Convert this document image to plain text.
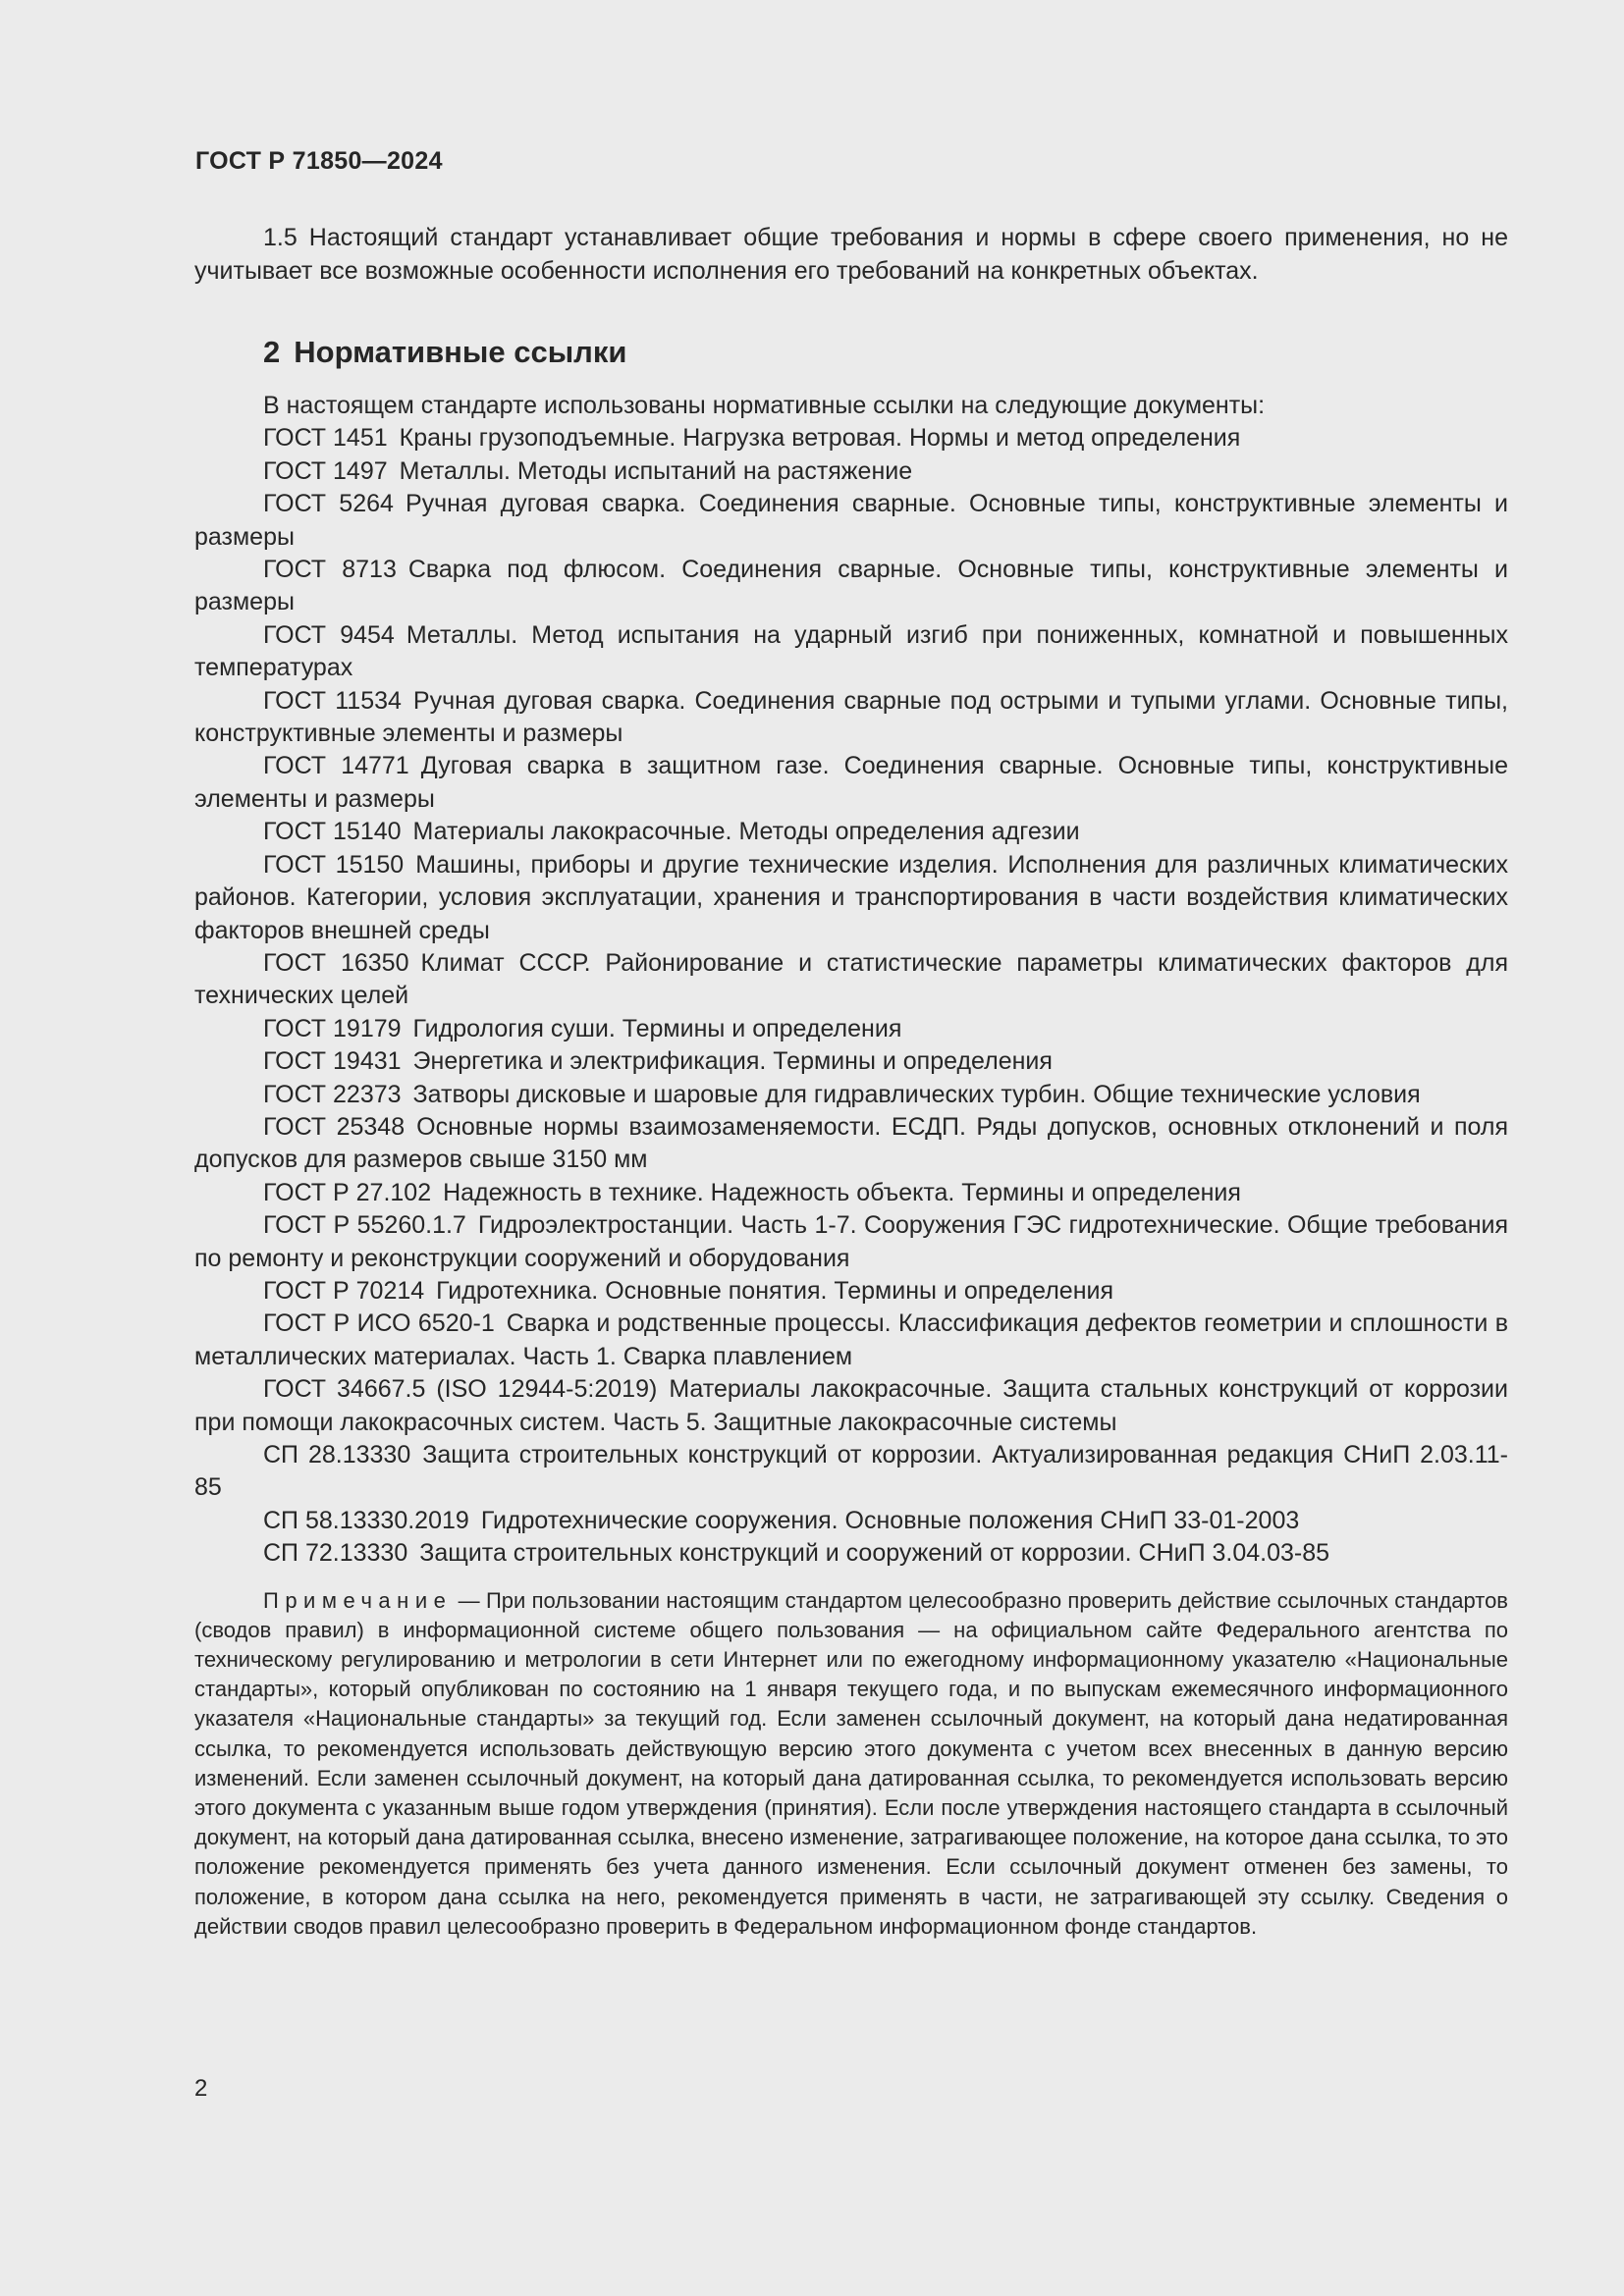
ГОСТ Р 71850—2024

1.5 Настоящий стандарт устанавливает общие требования и нормы в сфере своего применения, но не учитывает все возможные особенности исполнения его требований на конкретных объектах.

2 Нормативные ссылки

В настоящем стандарте использованы нормативные ссылки на следующие документы:

ГОСТ 1451 Краны грузоподъемные. Нагрузка ветровая. Нормы и метод определения

ГОСТ 1497 Металлы. Методы испытаний на растяжение

ГОСТ 5264 Ручная дуговая сварка. Соединения сварные. Основные типы, конструктивные элементы и размеры

ГОСТ 8713 Сварка под флюсом. Соединения сварные. Основные типы, конструктивные элементы и размеры

ГОСТ 9454 Металлы. Метод испытания на ударный изгиб при пониженных, комнатной и повышенных температурах

ГОСТ 11534 Ручная дуговая сварка. Соединения сварные под острыми и тупыми углами. Основные типы, конструктивные элементы и размеры

ГОСТ 14771 Дуговая сварка в защитном газе. Соединения сварные. Основные типы, конструктивные элементы и размеры

ГОСТ 15140 Материалы лакокрасочные. Методы определения адгезии

ГОСТ 15150 Машины, приборы и другие технические изделия. Исполнения для различных климатических районов. Категории, условия эксплуатации, хранения и транспортирования в части воздействия климатических факторов внешней среды

ГОСТ 16350 Климат СССР. Районирование и статистические параметры климатических факторов для технических целей

ГОСТ 19179 Гидрология суши. Термины и определения

ГОСТ 19431 Энергетика и электрификация. Термины и определения

ГОСТ 22373 Затворы дисковые и шаровые для гидравлических турбин. Общие технические условия

ГОСТ 25348 Основные нормы взаимозаменяемости. ЕСДП. Ряды допусков, основных отклонений и поля допусков для размеров свыше 3150 мм

ГОСТ Р 27.102 Надежность в технике. Надежность объекта. Термины и определения

ГОСТ Р 55260.1.7 Гидроэлектростанции. Часть 1-7. Сооружения ГЭС гидротехнические. Общие требования по ремонту и реконструкции сооружений и оборудования

ГОСТ Р 70214 Гидротехника. Основные понятия. Термины и определения

ГОСТ Р ИСО 6520-1 Сварка и родственные процессы. Классификация дефектов геометрии и сплошности в металлических материалах. Часть 1. Сварка плавлением

ГОСТ 34667.5 (ISO 12944-5:2019) Материалы лакокрасочные. Защита стальных конструкций от коррозии при помощи лакокрасочных систем. Часть 5. Защитные лакокрасочные системы

СП 28.13330 Защита строительных конструкций от коррозии. Актуализированная редакция СНиП 2.03.11-85

СП 58.13330.2019 Гидротехнические сооружения. Основные положения СНиП 33-01-2003

СП 72.13330 Защита строительных конструкций и сооружений от коррозии. СНиП 3.04.03-85

Примечание — При пользовании настоящим стандартом целесообразно проверить действие ссылочных стандартов (сводов правил) в информационной системе общего пользования — на официальном сайте Федерального агентства по техническому регулированию и метрологии в сети Интернет или по ежегодному информационному указателю «Национальные стандарты», который опубликован по состоянию на 1 января текущего года, и по выпускам ежемесячного информационного указателя «Национальные стандарты» за текущий год. Если заменен ссылочный документ, на который дана недатированная ссылка, то рекомендуется использовать действующую версию этого документа с учетом всех внесенных в данную версию изменений. Если заменен ссылочный документ, на который дана датированная ссылка, то рекомендуется использовать версию этого документа с указанным выше годом утверждения (принятия). Если после утверждения настоящего стандарта в ссылочный документ, на который дана датированная ссылка, внесено изменение, затрагивающее положение, на которое дана ссылка, то это положение рекомендуется применять без учета данного изменения. Если ссылочный документ отменен без замены, то положение, в котором дана ссылка на него, рекомендуется применять в части, не затрагивающей эту ссылку. Сведения о действии сводов правил целесообразно проверить в Федеральном информационном фонде стандартов.
2
